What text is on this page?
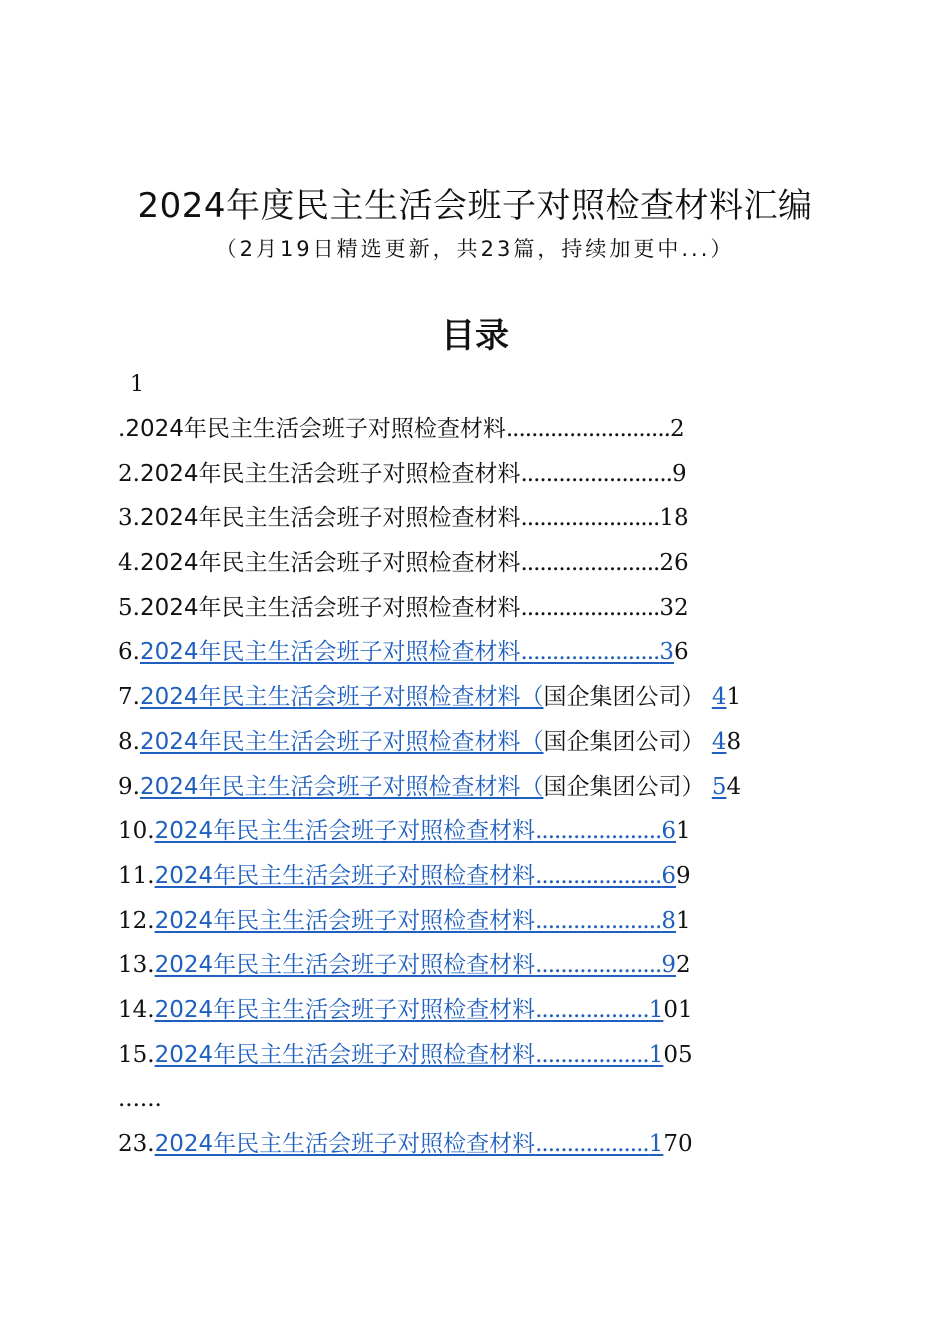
2024年度民主生活会班子对照检查材料汇编
（2月19日精选更新，共23篇，持续加更中...）
目录
1
.2024年民主生活会班子对照检查材料..........................2
2.2024年民主生活会班子对照检查材料........................9
3.2024年民主生活会班子对照检查材料......................18
4.2024年民主生活会班子对照检查材料......................26
5.2024年民主生活会班子对照检查材料......................32
6.2024年民主生活会班子对照检查材料......................36
7.2024年民主生活会班子对照检查材料（国企集团公司） 41
8.2024年民主生活会班子对照检查材料（国企集团公司） 48
9.2024年民主生活会班子对照检查材料（国企集团公司） 54
10.2024年民主生活会班子对照检查材料....................61
11.2024年民主生活会班子对照检查材料....................69
12.2024年民主生活会班子对照检查材料....................81
13.2024年民主生活会班子对照检查材料....................92
14.2024年民主生活会班子对照检查材料..................101
15.2024年民主生活会班子对照检查材料..................105
......
23.2024年民主生活会班子对照检查材料..................170
